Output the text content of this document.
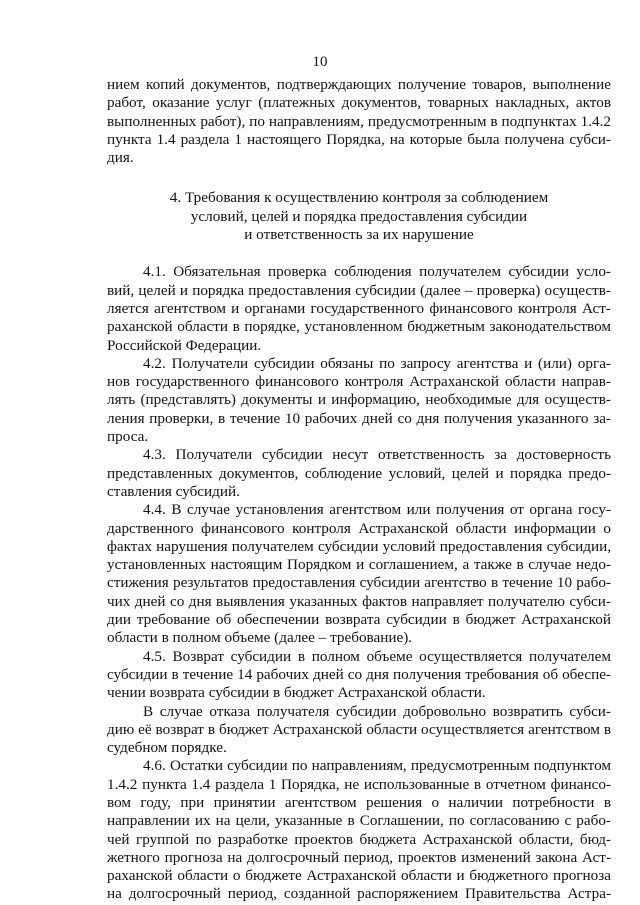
10

нием копий документов, подтверждающих получение товаров, выполнение работ, оказание услуг (платежных документов, товарных накладных, актов выполненных работ), по направлениям, предусмотренным в подпунктах 1.4.2 пункта 1.4 раздела 1 настоящего Порядка, на которые была получена субси-дия.

4. Требования к осуществлению контроля за соблюдением
условий, целей и порядка предоставления субсидии
и ответственность за их нарушение

4.1. Обязательная проверка соблюдения получателем субсидии усло-вий, целей и порядка предоставления субсидии (далее – проверка) осуществ-ляется агентством и органами государственного финансового контроля Аст-раханской области в порядке, установленном бюджетным законодательством Российской Федерации.

4.2. Получатели субсидии обязаны по запросу агентства и (или) орга-нов государственного финансового контроля Астраханской области направ-лять (представлять) документы и информацию, необходимые для осуществ-ления проверки, в течение 10 рабочих дней со дня получения указанного за-проса.

4.3. Получатели субсидии несут ответственность за достоверность представленных документов, соблюдение условий, целей и порядка предо-ставления субсидий.

4.4. В случае установления агентством или получения от органа госу-дарственного финансового контроля Астраханской области информации о фактах нарушения получателем субсидии условий предоставления субсидии, установленных настоящим Порядком и соглашением, а также в случае недо-стижения результатов предоставления субсидии агентство в течение 10 рабо-чих дней со дня выявления указанных фактов направляет получателю субси-дии требование об обеспечении возврата субсидии в бюджет Астраханской области в полном объеме (далее – требование).

4.5. Возврат субсидии в полном объеме осуществляется получателем субсидии в течение 14 рабочих дней со дня получения требования об обеспе-чении возврата субсидии в бюджет Астраханской области.

В случае отказа получателя субсидии добровольно возвратить субси-дию её возврат в бюджет Астраханской области осуществляется агентством в судебном порядке.

4.6. Остатки субсидии по направлениям, предусмотренным подпунктом 1.4.2 пункта 1.4 раздела 1 Порядка, не использованные в отчетном финансо-вом году, при принятии агентством решения о наличии потребности в направлении их на цели, указанные в Соглашении, по согласованию с рабо-чей группой по разработке проектов бюджета Астраханской области, бюд-жетного прогноза на долгосрочный период, проектов изменений закона Аст-раханской области о бюджете Астраханской области и бюджетного прогноза на долгосрочный период, созданной распоряжением Правительства Астра-
